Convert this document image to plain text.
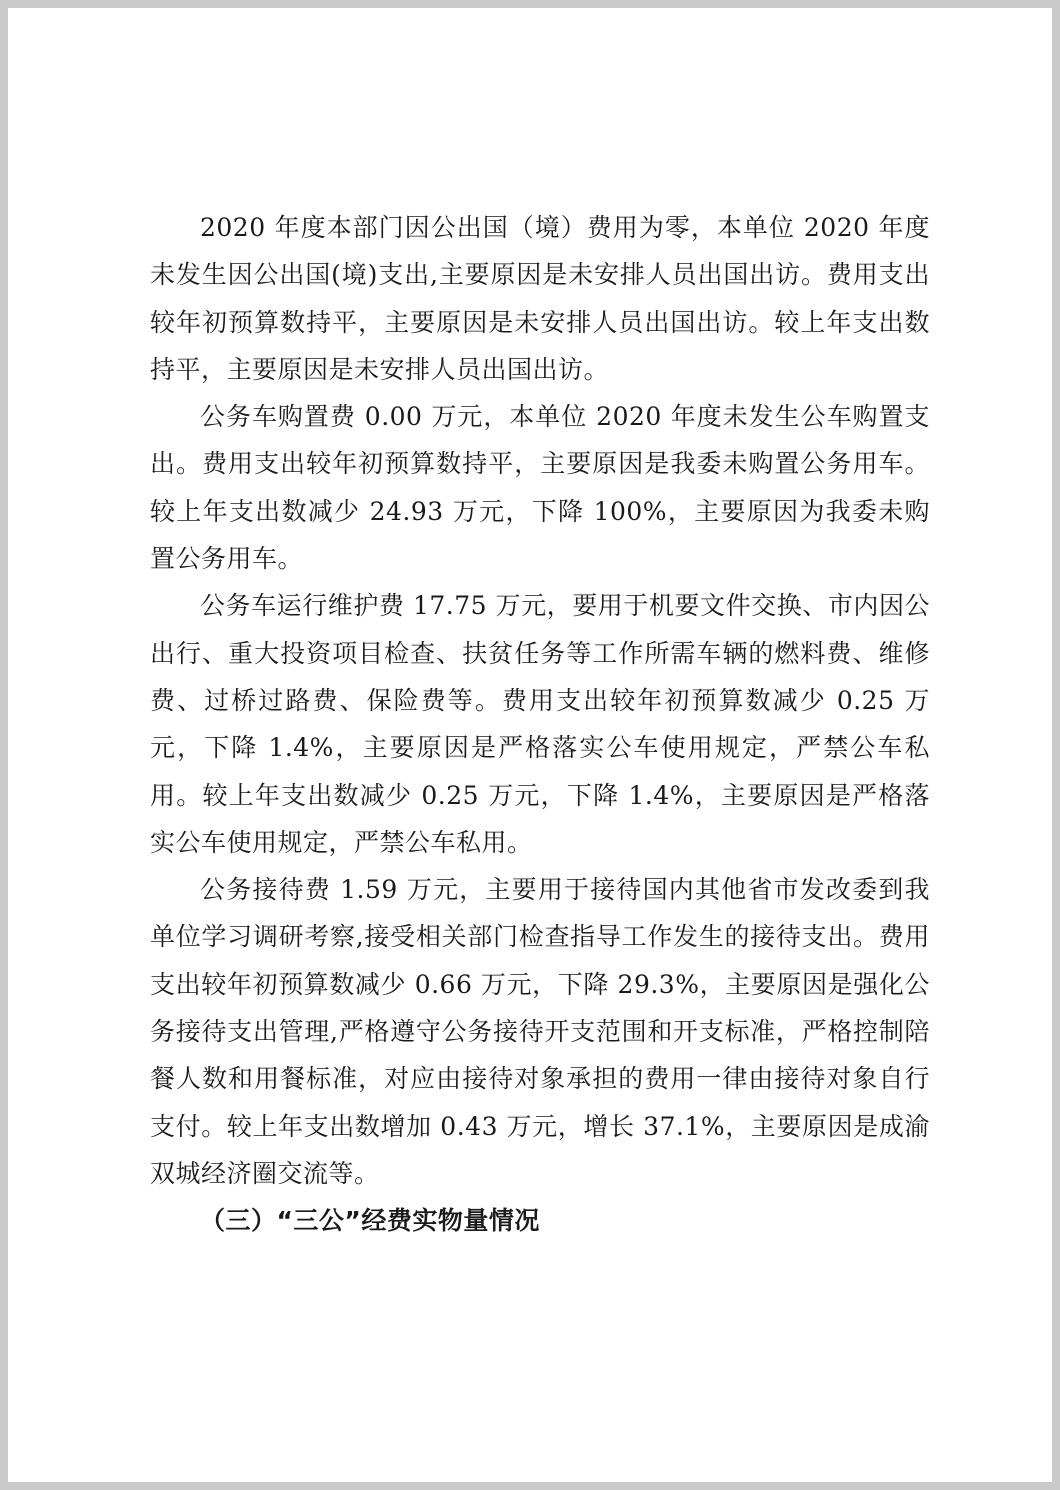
2020 年度本部门因公出国（境）费用为零，本单位 2020 年度未发生因公出国(境)支出,主要原因是未安排人员出国出访。费用支出较年初预算数持平，主要原因是未安排人员出国出访。较上年支出数持平，主要原因是未安排人员出国出访。

公务车购置费 0.00 万元，本单位 2020 年度未发生公车购置支出。费用支出较年初预算数持平，主要原因是我委未购置公务用车。较上年支出数减少 24.93 万元，下降 100%，主要原因为我委未购置公务用车。

公务车运行维护费 17.75 万元，要用于机要文件交换、市内因公出行、重大投资项目检查、扶贫任务等工作所需车辆的燃料费、维修费、过桥过路费、保险费等。费用支出较年初预算数减少 0.25 万元，下降 1.4%，主要原因是严格落实公车使用规定，严禁公车私用。较上年支出数减少 0.25 万元，下降 1.4%，主要原因是严格落实公车使用规定，严禁公车私用。

公务接待费 1.59 万元，主要用于接待国内其他省市发改委到我单位学习调研考察,接受相关部门检查指导工作发生的接待支出。费用支出较年初预算数减少 0.66 万元，下降 29.3%，主要原因是强化公务接待支出管理,严格遵守公务接待开支范围和开支标准，严格控制陪餐人数和用餐标准，对应由接待对象承担的费用一律由接待对象自行支付。较上年支出数增加 0.43 万元，增长 37.1%，主要原因是成渝双城经济圈交流等。

（三）“三公”经费实物量情况
